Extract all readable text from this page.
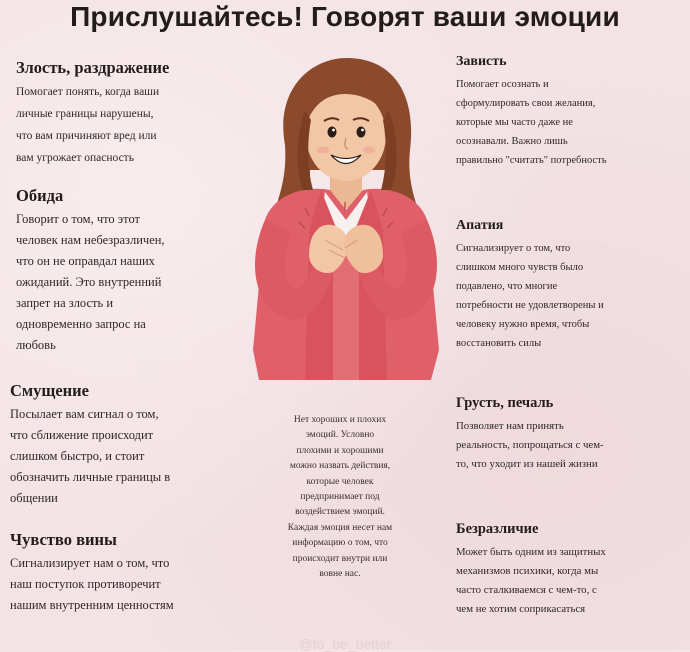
Прислушайтесь! Говорят ваши эмоции
Злость, раздражение

Помогает понять, когда ваши

личные границы нарушены,

что вам причиняют вред или

вам угрожает опасность

Обида

Говорит о том, что этот

человек нам небезразличен,

что он не оправдал наших

ожиданий. Это внутренний

запрет на злость и

одновременно запрос на

любовь

Смущение

Посылает вам сигнал о том,

что сближение происходит

слишком быстро, и стоит

обозначить личные границы в

общении

Чувство вины

Сигнализирует нам о том, что

наш поступок противоречит

нашим внутренним ценностям

Зависть

Помогает осознать и

сформулировать свои желания,

которые мы часто даже не

осознавали. Важно лишь

правильно "считать" потребность

Апатия

Сигнализирует о том, что

слишком много чувств было

подавлено, что многие

потребности не удовлетворены и

человеку нужно время, чтобы

восстановить силы

Грусть, печаль

Позволяет нам принять

реальность, попрощаться с чем-

то, что уходит из нашей жизни

Безразличие

Может быть одним из защитных

механизмов психики, когда мы

часто сталкиваемся с чем-то, с

чем не хотим соприкасаться

Нет хороших и плохих
эмоций. Условно
плохими и хорошими
можно назвать действия,
которые человек
предпринимает под
воздействием эмоций.
Каждая эмоция несет нам
информацию о том, что
происходит внутри или
вовне нас.
@to_be_better
